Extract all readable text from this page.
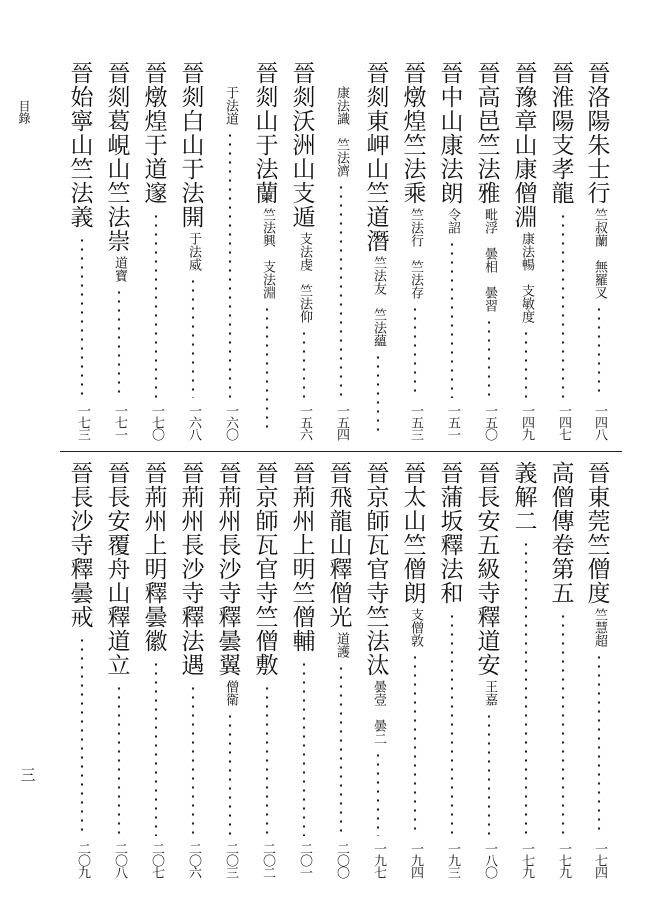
目錄
三
晉
洛
陽
朱
士
行
竺叔蘭　無羅叉
一四八
晉
淮
陽
支
孝
龍
一四七
晉
豫
章
山
康
僧
淵
康法暢　支敏度
一四九
晉
高
邑
竺
法
雅
毗浮　曇相　曇習
一五〇
晉
中
山
康
法
朗
令詔
一五一
晉
燉
煌
竺
法
乘
竺法行　竺法存
一五三
晉
剡
東
岬
山
竺
道
潛
竺法友　竺法蘊
康法識　竺法濟
一五四
晉
剡
沃
洲
山
支
遁
支法虔　竺法仰
一五六
晉
剡
山
于
法
蘭
竺法興　支法淵
于法道
一六〇
晉
剡
白
山
于
法
開
于法威
一六八
晉
燉
煌
于
道
邃
一七〇
晉
剡
葛
峴
山
竺
法
崇
道寶
一七一
晉
始
寧
山
竺
法
義
一七三
晉
東
莞
竺
僧
度
竺慧超
一七四
高
僧
傳
卷
第
五
一七九
義
解
二
一七九
晉
長
安
五
級
寺
釋
道
安
王嘉
一八〇
晉
蒲
坂
釋
法
和
一九三
晉
太
山
竺
僧
朗
支僧敦
一九四
晉
京
師
瓦
官
寺
竺
法
汰
曇壹　曇二
一九七
晉
飛
龍
山
釋
僧
光
道護
二〇〇
晉
荊
州
上
明
竺
僧
輔
二〇一
晉
京
師
瓦
官
寺
竺
僧
敷
二〇二
晉
荊
州
長
沙
寺
釋
曇
翼
僧衛
二〇三
晉
荊
州
長
沙
寺
釋
法
遇
二〇六
晉
荊
州
上
明
釋
曇
徽
二〇七
晉
長
安
覆
舟
山
釋
道
立
二〇八
晉
長
沙
寺
釋
曇
戒
二〇九
